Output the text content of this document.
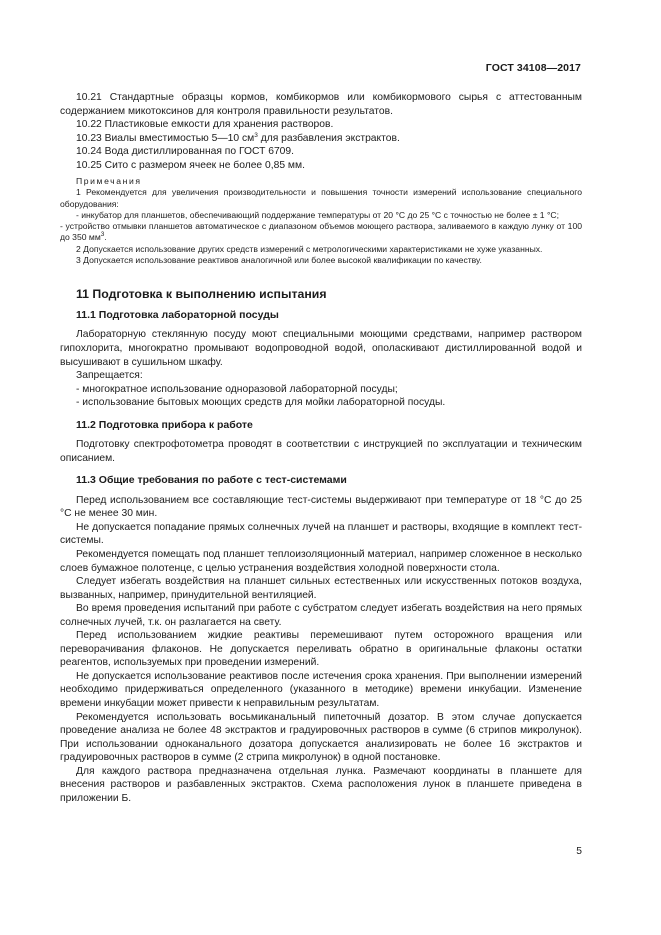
ГОСТ 34108—2017

10.21 Стандартные образцы кормов, комбикормов или комбикормового сырья с аттестованным содержанием микотоксинов для контроля правильности результатов.

10.22 Пластиковые емкости для хранения растворов.

10.23 Виалы вместимостью 5—10 $см^3$ для разбавления экстрактов.

10.24 Вода дистиллированная по ГОСТ 6709.

10.25 Сито с размером ячеек не более 0,85 мм.

Примечания

1 Рекомендуется для увеличения производительности и повышения точности измерений использование специального оборудования:

- инкубатор для планшетов, обеспечивающий поддержание температуры от 20 °С до 25 °С с точностью не более ± 1 °С;

- устройство отмывки планшетов автоматическое с диапазоном объемов моющего раствора, заливаемого в каждую лунку от 100 до 350 $мм^3$.

2 Допускается использование других средств измерений с метрологическими характеристиками не хуже указанных.

3 Допускается использование реактивов аналогичной или более высокой квалификации по качеству.

11 Подготовка к выполнению испытания

11.1 Подготовка лабораторной посуды

Лабораторную стеклянную посуду моют специальными моющими средствами, например раствором гипохлорита, многократно промывают водопроводной водой, ополаскивают дистиллированной водой и высушивают в сушильном шкафу.

Запрещается:

- многократное использование одноразовой лабораторной посуды;

- использование бытовых моющих средств для мойки лабораторной посуды.

11.2 Подготовка прибора к работе

Подготовку спектрофотометра проводят в соответствии с инструкцией по эксплуатации и техническим описанием.

11.3 Общие требования по работе с тест-системами

Перед использованием все составляющие тест-системы выдерживают при температуре от 18 °С до 25 °С не менее 30 мин.

Не допускается попадание прямых солнечных лучей на планшет и растворы, входящие в комплект тест-системы.

Рекомендуется помещать под планшет теплоизоляционный материал, например сложенное в несколько слоев бумажное полотенце, с целью устранения воздействия холодной поверхности стола.

Следует избегать воздействия на планшет сильных естественных или искусственных потоков воздуха, вызванных, например, принудительной вентиляцией.

Во время проведения испытаний при работе с субстратом следует избегать воздействия на него прямых солнечных лучей, т.к. он разлагается на свету.

Перед использованием жидкие реактивы перемешивают путем осторожного вращения или переворачивания флаконов. Не допускается переливать обратно в оригинальные флаконы остатки реагентов, используемых при проведении измерений.

Не допускается использование реактивов после истечения срока хранения. При выполнении измерений необходимо придерживаться определенного (указанного в методике) времени инкубации. Изменение времени инкубации может привести к неправильным результатам.

Рекомендуется использовать восьмиканальный пипеточный дозатор. В этом случае допускается проведение анализа не более 48 экстрактов и градуировочных растворов в сумме (6 стрипов микролунок). При использовании одноканального дозатора допускается анализировать не более 16 экстрактов и градуировочных растворов в сумме (2 стрипа микролунок) в одной постановке.

Для каждого раствора предназначена отдельная лунка. Размечают координаты в планшете для внесения растворов и разбавленных экстрактов. Схема расположения лунок в планшете приведена в приложении Б.

5
